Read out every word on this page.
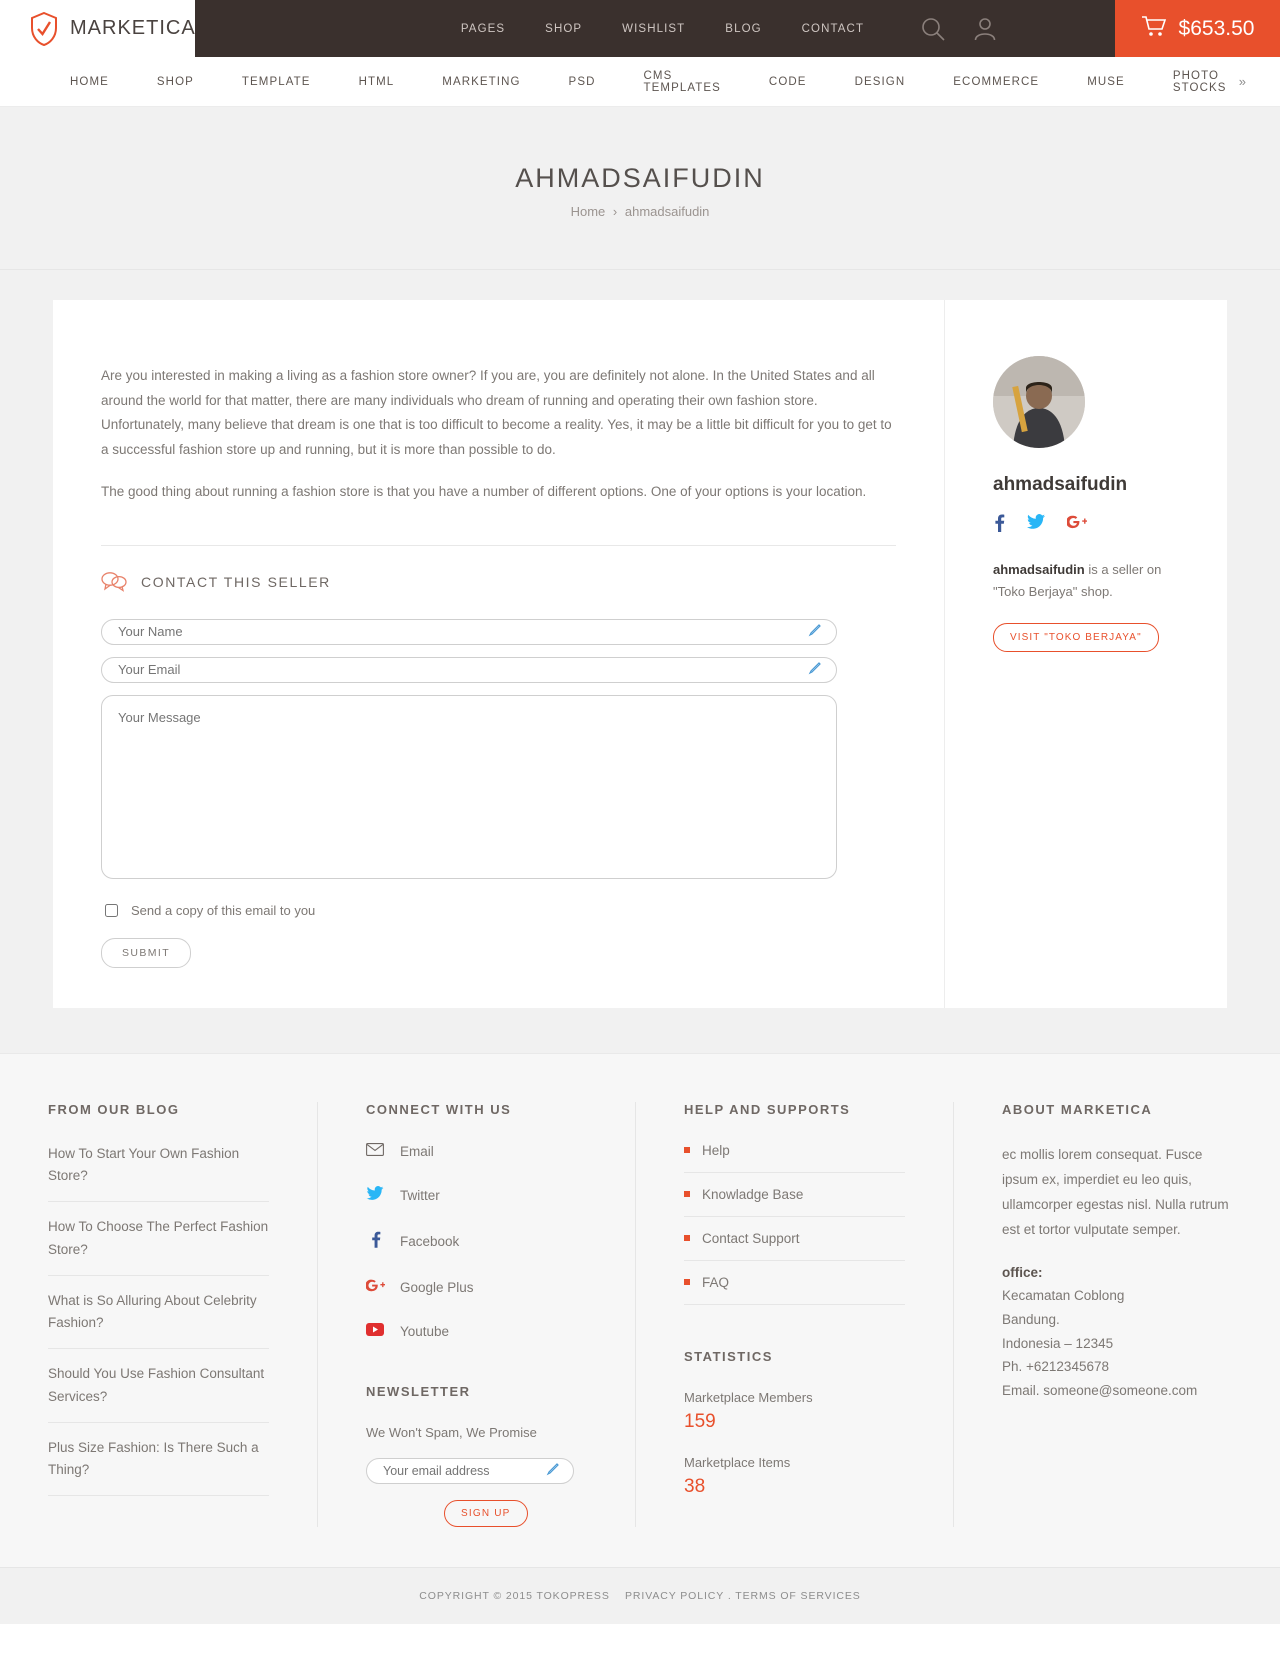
MARKETICA	PAGES	SHOP	WISHLIST	BLOG	CONTACT	$653.50
HOME	SHOP	TEMPLATE	HTML	MARKETING	PSD	CMS TEMPLATES	CODE	DESIGN	ECOMMERCE	MUSE	PHOTO STOCKS »
AHMADSAIFUDIN
Home › ahmadsaifudin

Are you interested in making a living as a fashion store owner? If you are, you are definitely not alone. In the United States and all around the world for that matter, there are many individuals who dream of running and operating their own fashion store. Unfortunately, many believe that dream is one that is too difficult to become a reality. Yes, it may be a little bit difficult for you to get to a successful fashion store up and running, but it is more than possible to do.

The good thing about running a fashion store is that you have a number of different options. One of your options is your location.

CONTACT THIS SELLER
Your Name
Your Email
Your Message
Send a copy of this email to you
SUBMIT
ahmadsaifudin

ahmadsaifudin is a seller on "Toko Berjaya" shop.

VISIT "TOKO BERJAYA"
FROM OUR BLOG
How To Start Your Own Fashion Store?
How To Choose The Perfect Fashion Store?
What is So Alluring About Celebrity Fashion?
Should You Use Fashion Consultant Services?
Plus Size Fashion: Is There Such a Thing?
CONNECT WITH US
Email
Twitter
Facebook
Google Plus
Youtube
NEWSLETTER

We Won't Spam, We Promise

Your email address
SIGN UP
HELP AND SUPPORTS
Help
Knowladge Base
Contact Support
FAQ
STATISTICS
Marketplace Members
159
Marketplace Items
38
ABOUT MARKETICA

ec mollis lorem consequat. Fusce ipsum ex, imperdiet eu leo quis, ullamcorper egestas nisl. Nulla rutrum est et tortor vulputate semper.

office:
Kecamatan Coblong
Bandung.
Indonesia – 12345
Ph. +6212345678
Email. someone@someone.com
COPYRIGHT © 2015 TOKOPRESS PRIVACY POLICY . TERMS OF SERVICES
